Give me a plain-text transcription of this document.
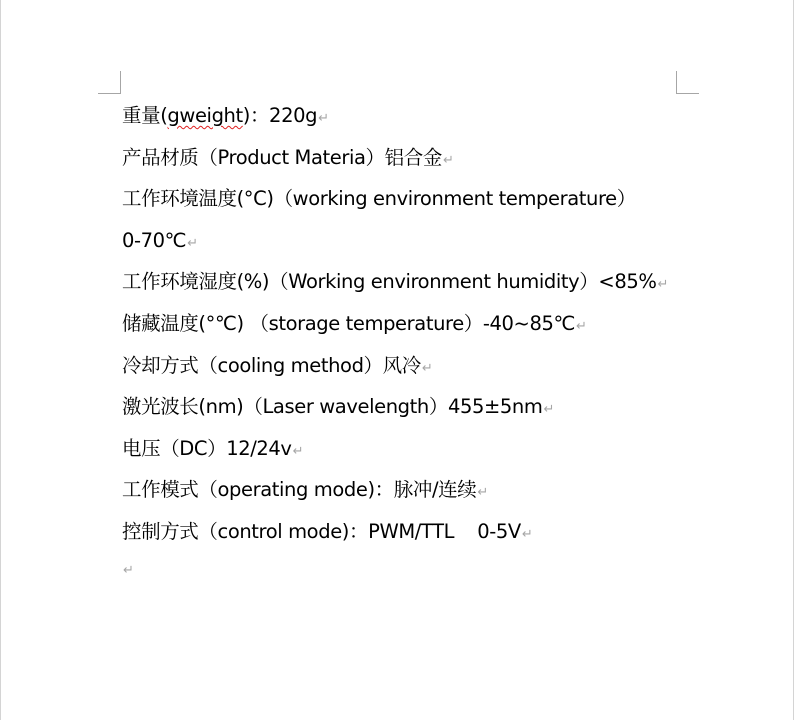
重量(gweight)：220g↵

产品材质（Product Materia）铝合金↵

工作环境温度(°C)（working environment temperature）
0-70℃↵

工作环境湿度(%)（Working environment humidity）<85%↵

储藏温度(°℃) （storage temperature）-40~85℃↵

冷却方式（cooling method）风冷↵

激光波长(nm)（Laser wavelength）455±5nm↵

电压（DC）12/24v↵

工作模式（operating mode)：脉冲/连续↵

控制方式（control mode)：PWM/TTL    0-5V↵

↵
